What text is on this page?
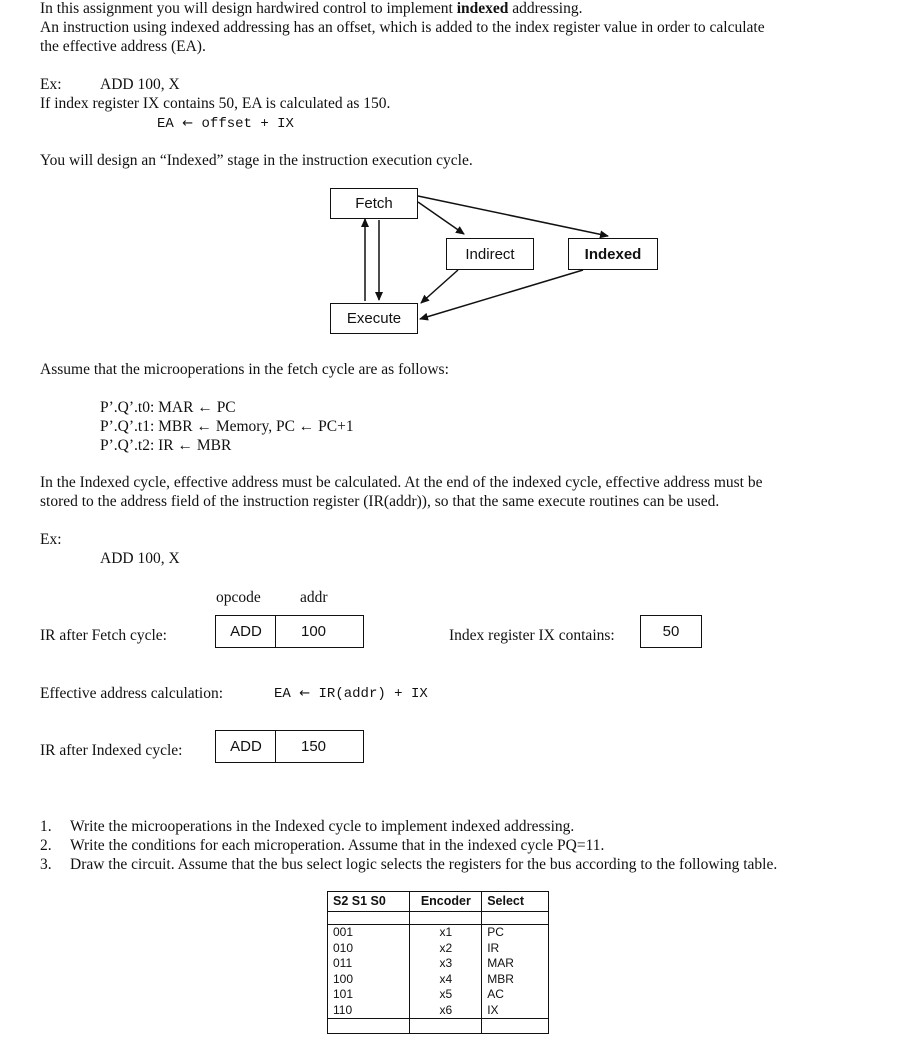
In this assignment you will design hardwired control to implement indexed addressing.
An instruction using indexed addressing has an offset, which is added to the index register value in order to calculate
the effective address (EA).
Ex: ADD 100, X
If index register IX contains 50, EA is calculated as 150.
EA ← offset + IX
You will design an “Indexed” stage in the instruction execution cycle.
Fetch
Indirect	Indexed
Execute
Assume that the microoperations in the fetch cycle are as follows:
P’.Q’.t0: MAR ← PC
P’.Q’.t1: MBR ← Memory, PC ← PC+1
P’.Q’.t2: IR ← MBR
In the Indexed cycle, effective address must be calculated. At the end of the indexed cycle, effective address must be
stored to the address field of the instruction register (IR(addr)), so that the same execute routines can be used.
Ex:
ADD 100, X
opcode	addr
IR after Fetch cycle:	ADD	100	Index register IX contains:	50
Effective address calculation:	EA ← IR(addr) + IX
IR after Indexed cycle:	ADD	150
1. Write the microoperations in the Indexed cycle to implement indexed addressing.
2. Write the conditions for each microperation. Assume that in the indexed cycle PQ=11.
3. Draw the circuit. Assume that the bus select logic selects the registers for the bus according to the following table.
S2 S1 S0	Encoder	Select

001	x1	PC
010	x2	IR
011	x3	MAR
100	x4	MBR
101	x5	AC
110	x6	IX
